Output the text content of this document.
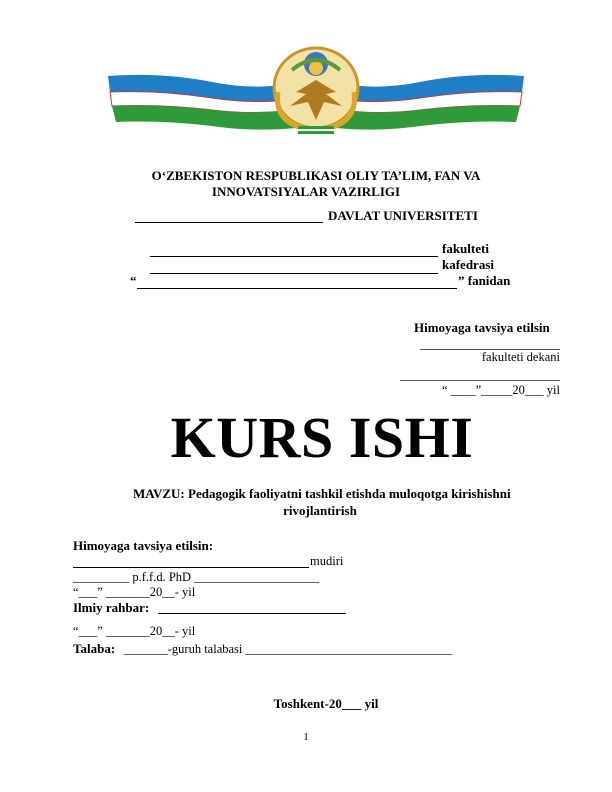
O‘ZBEKISTON RESPUBLIKASI OLIY TA’LIM, FAN VA
INNOVATSIYALAR VAZIRLIGI
DAVLAT UNIVERSITETI
fakulteti
kafedrasi
“	” fanidan
Himoyaga tavsiya etilsin
fakulteti dekani
“ ____”_____20___ yil
KURS ISHI
MAVZU: Pedagogik faoliyatni tashkil etishda muloqotga kirishishni
rivojlantirish
Himoyaga tavsiya etilsin:
mudiri
_________ p.f.f.d. PhD ____________________
“___” _______20__- yil
Ilmiy rahbar:
“___” _______20__- yil
Talaba: _______-guruh talabasi _________________________________
Toshkent-20___ yil
1
